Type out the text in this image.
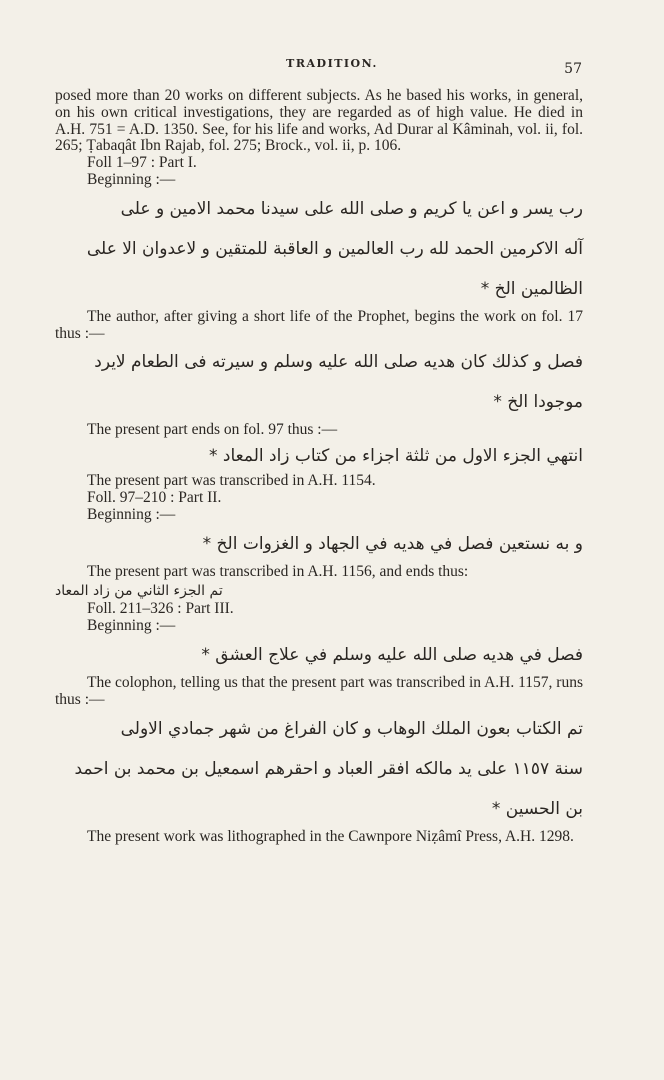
TRADITION.	57

posed more than 20 works on different subjects. As he based his works, in general, on his own critical investigations, they are regarded as of high value. He died in A.H. 751 = A.D. 1350. See, for his life and works, Ad Durar al Kâminah, vol. ii, fol. 265; Ṭabaqât Ibn Rajab, fol. 275; Brock., vol. ii, p. 106.

Foll 1–97 : Part I.

Beginning :—

رب يسر و اعن يا كريم و صلى الله على سيدنا محمد الامين و على
آله الاكرمين الحمد لله رب العالمين و العاقبة للمتقين و لاعدوان الا على
الظالمين الخ *

The author, after giving a short life of the Prophet, begins the work on fol. 17 thus :—

فصل و كذلك كان هديه صلى الله عليه وسلم و سيرته فى الطعام لايرد
موجودا الخ *

The present part ends on fol. 97 thus :—

انتهي الجزء الاول من ثلثة اجزاء من كتاب زاد المعاد *

The present part was transcribed in A.H. 1154.

Foll. 97–210 : Part II.

Beginning :—

و به نستعين فصل في هديه في الجهاد و الغزوات الخ *

The present part was transcribed in A.H. 1156, and ends thus:

تم الجزء الثاني من زاد المعاد

Foll. 211–326 : Part III.

Beginning :—

فصل في هديه صلى الله عليه وسلم في علاج العشق *

The colophon, telling us that the present part was transcribed in A.H. 1157, runs thus :—

تم الكتاب بعون الملك الوهاب و كان الفراغ من شهر جمادي الاولى
سنة ١١٥٧ على يد مالكه افقر العباد و احقرهم اسمعيل بن محمد بن احمد
بن الحسين *

The present work was lithographed in the Cawnpore Niẓâmî Press, A.H. 1298.
